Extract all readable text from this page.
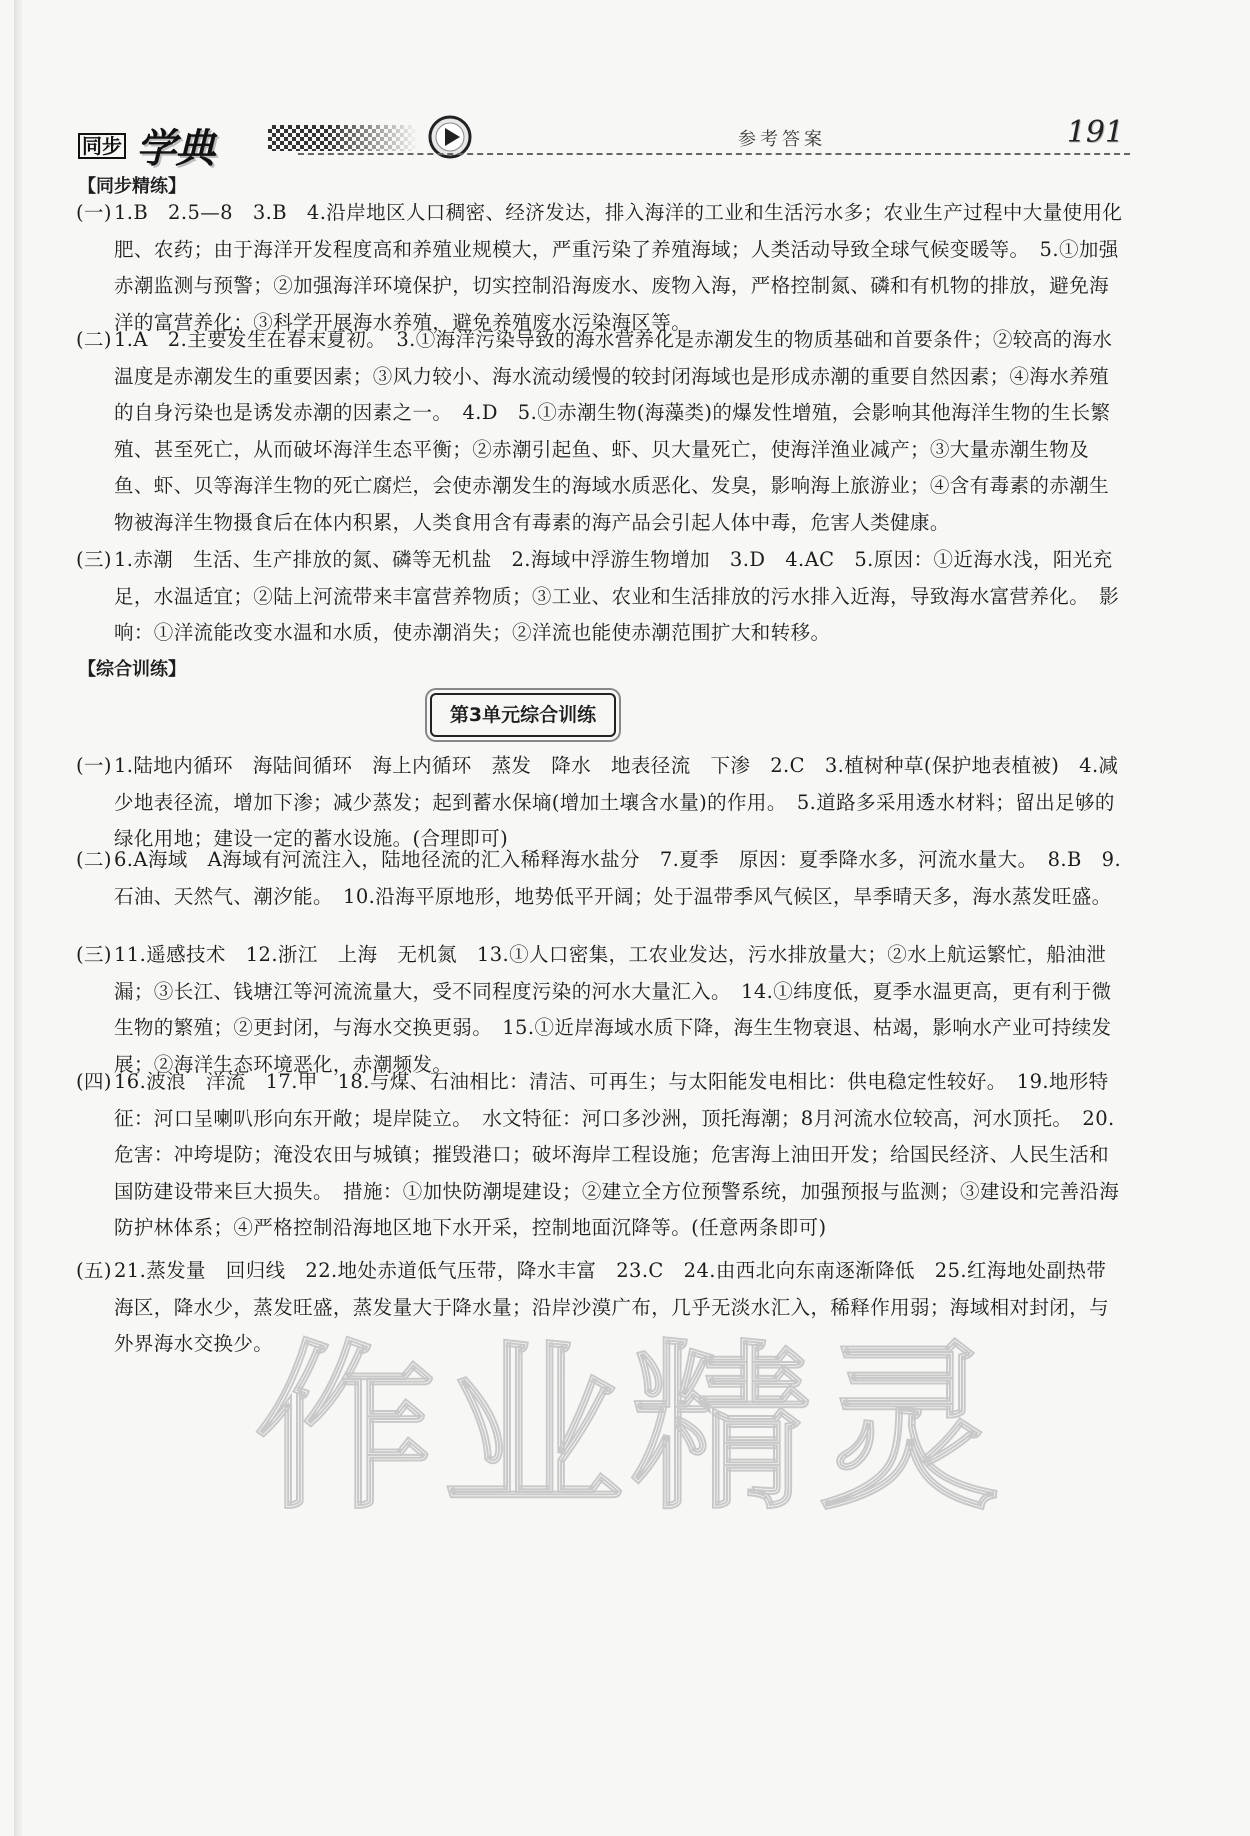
同步 学典	参考答案	191
【同步精练】
(一) 1.B　2.5—8　3.B　4.沿岸地区人口稠密、经济发达，排入海洋的工业和生活污水多；农业生产过程中大量使用化肥、农药；由于海洋开发程度高和养殖业规模大，严重污染了养殖海域；人类活动导致全球气候变暖等。　5.①加强赤潮监测与预警；②加强海洋环境保护，切实控制沿海废水、废物入海，严格控制氮、磷和有机物的排放，避免海洋的富营养化；③科学开展海水养殖，避免养殖废水污染海区等。
(二) 1.A　2.主要发生在春末夏初。　3.①海洋污染导致的海水营养化是赤潮发生的物质基础和首要条件；②较高的海水温度是赤潮发生的重要因素；③风力较小、海水流动缓慢的较封闭海域也是形成赤潮的重要自然因素；④海水养殖的自身污染也是诱发赤潮的因素之一。　4.D　5.①赤潮生物(海藻类)的爆发性增殖，会影响其他海洋生物的生长繁殖、甚至死亡，从而破坏海洋生态平衡；②赤潮引起鱼、虾、贝大量死亡，使海洋渔业减产；③大量赤潮生物及鱼、虾、贝等海洋生物的死亡腐烂，会使赤潮发生的海域水质恶化、发臭，影响海上旅游业；④含有毒素的赤潮生物被海洋生物摄食后在体内积累，人类食用含有毒素的海产品会引起人体中毒，危害人类健康。
(三) 1.赤潮　生活、生产排放的氮、磷等无机盐　2.海域中浮游生物增加　3.D　4.AC　5.原因：①近海水浅，阳光充足，水温适宜；②陆上河流带来丰富营养物质；③工业、农业和生活排放的污水排入近海，导致海水富营养化。　影响：①洋流能改变水温和水质，使赤潮消失；②洋流也能使赤潮范围扩大和转移。
【综合训练】
第3单元综合训练
(一) 1.陆地内循环　海陆间循环　海上内循环　蒸发　降水　地表径流　下渗　2.C　3.植树种草(保护地表植被)　4.减少地表径流，增加下渗；减少蒸发；起到蓄水保墒(增加土壤含水量)的作用。　5.道路多采用透水材料；留出足够的绿化用地；建设一定的蓄水设施。(合理即可)
(二) 6.A海域　A海域有河流注入，陆地径流的汇入稀释海水盐分　7.夏季　原因：夏季降水多，河流水量大。　8.B　9.石油、天然气、潮汐能。　10.沿海平原地形，地势低平开阔；处于温带季风气候区，旱季晴天多，海水蒸发旺盛。
(三) 11.遥感技术　12.浙江　上海　无机氮　13.①人口密集，工农业发达，污水排放量大；②水上航运繁忙，船油泄漏；③长江、钱塘江等河流流量大，受不同程度污染的河水大量汇入。　14.①纬度低，夏季水温更高，更有利于微生物的繁殖；②更封闭，与海水交换更弱。　15.①近岸海域水质下降，海生生物衰退、枯竭，影响水产业可持续发展；②海洋生态环境恶化，赤潮频发。
(四) 16.波浪　洋流　17.甲　18.与煤、石油相比：清洁、可再生；与太阳能发电相比：供电稳定性较好。　19.地形特征：河口呈喇叭形向东开敞；堤岸陡立。　水文特征：河口多沙洲，顶托海潮；8月河流水位较高，河水顶托。　20.危害：冲垮堤防；淹没农田与城镇；摧毁港口；破坏海岸工程设施；危害海上油田开发；给国民经济、人民生活和国防建设带来巨大损失。　措施：①加快防潮堤建设；②建立全方位预警系统，加强预报与监测；③建设和完善沿海防护林体系；④严格控制沿海地区地下水开采，控制地面沉降等。(任意两条即可)
(五) 21.蒸发量　回归线　22.地处赤道低气压带，降水丰富　23.C　24.由西北向东南逐渐降低　25.红海地处副热带海区，降水少，蒸发旺盛，蒸发量大于降水量；沿岸沙漠广布，几乎无淡水汇入，稀释作用弱；海域相对封闭，与外界海水交换少。
作业精灵
